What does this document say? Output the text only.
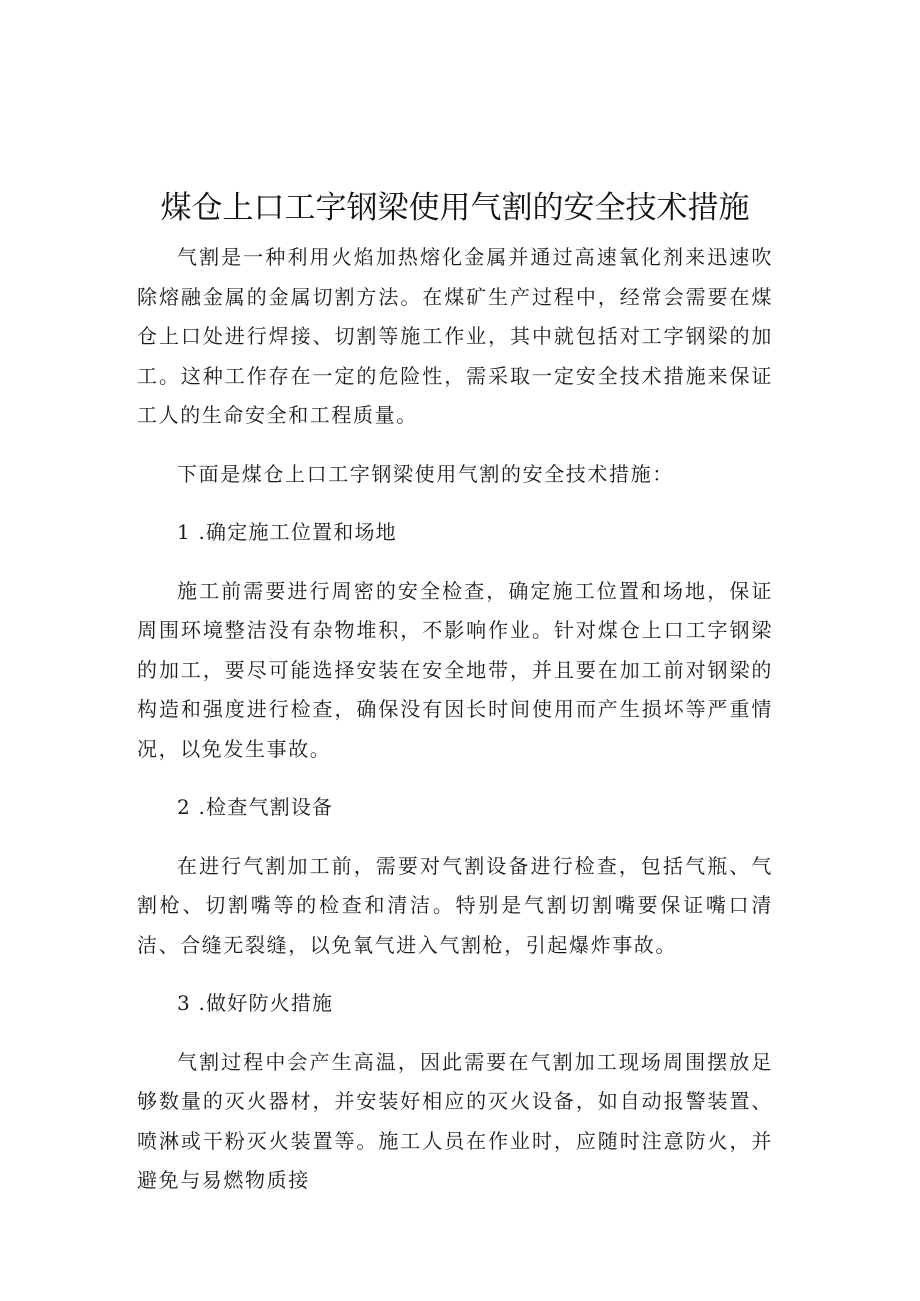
煤仓上口工字钢梁使用气割的安全技术措施

气割是一种利用火焰加热熔化金属并通过高速氧化剂来迅速吹除熔融金属的金属切割方法。在煤矿生产过程中，经常会需要在煤仓上口处进行焊接、切割等施工作业，其中就包括对工字钢梁的加工。这种工作存在一定的危险性，需采取一定安全技术措施来保证工人的生命安全和工程质量。

下面是煤仓上口工字钢梁使用气割的安全技术措施：

1 .确定施工位置和场地

施工前需要进行周密的安全检查，确定施工位置和场地，保证周围环境整洁没有杂物堆积，不影响作业。针对煤仓上口工字钢梁的加工，要尽可能选择安装在安全地带，并且要在加工前对钢梁的构造和强度进行检查，确保没有因长时间使用而产生损坏等严重情况，以免发生事故。

2 .检查气割设备

在进行气割加工前，需要对气割设备进行检查，包括气瓶、气割枪、切割嘴等的检查和清洁。特别是气割切割嘴要保证嘴口清洁、合缝无裂缝，以免氧气进入气割枪，引起爆炸事故。

3 .做好防火措施

气割过程中会产生高温，因此需要在气割加工现场周围摆放足够数量的灭火器材，并安装好相应的灭火设备，如自动报警装置、喷淋或干粉灭火装置等。施工人员在作业时，应随时注意防火，并避免与易燃物质接
